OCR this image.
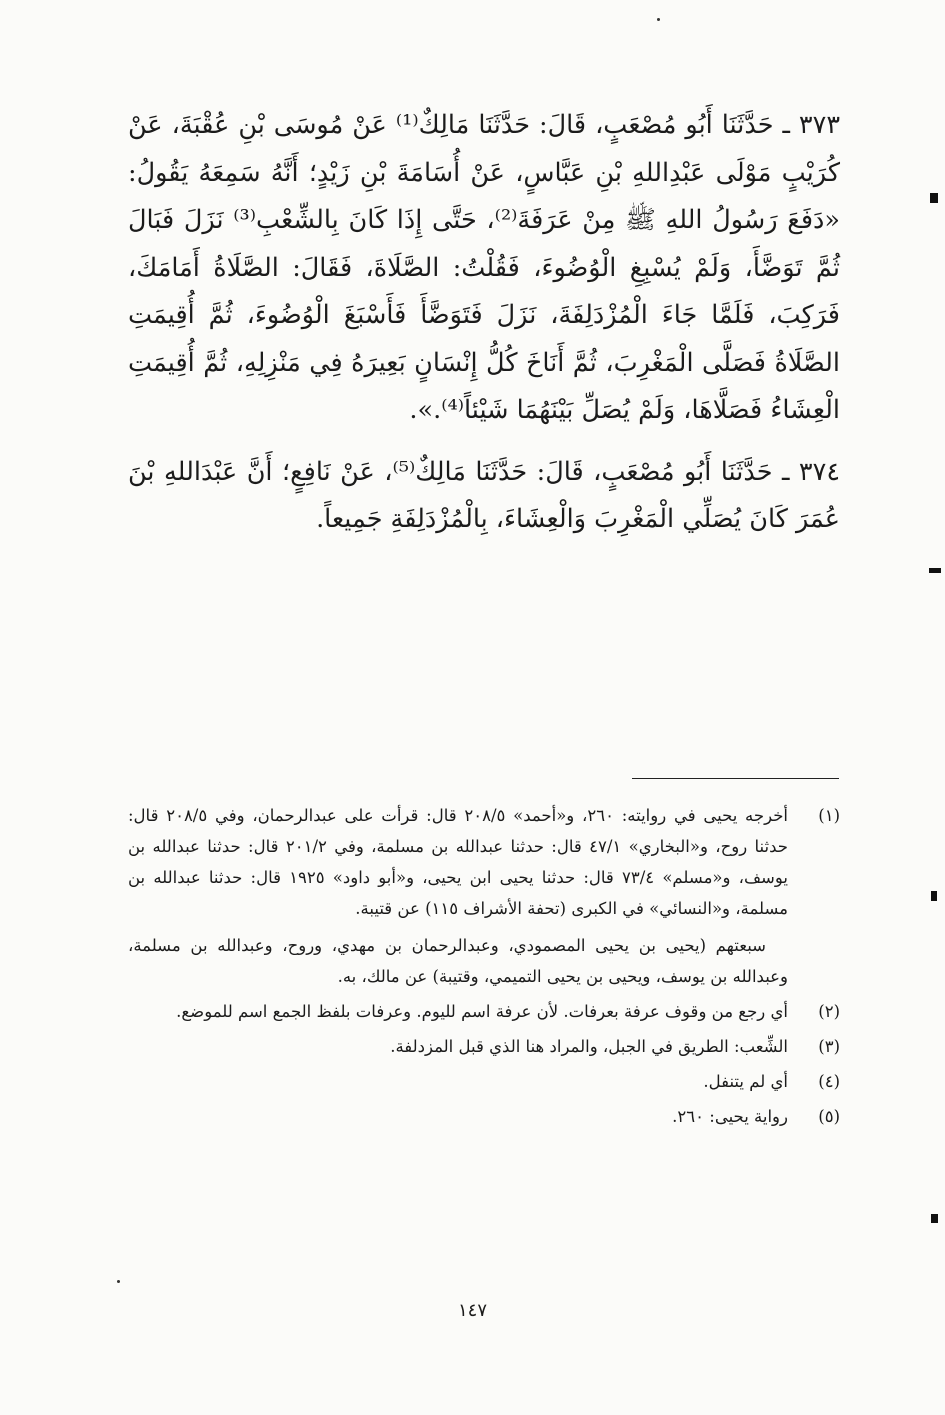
٣٧٣ ـ حَدَّثَنَا أَبُو مُصْعَبٍ، قَالَ: حَدَّثَنَا مَالِكٌ⁽¹⁾ عَنْ مُوسَى بْنِ عُقْبَةَ، عَنْ كُرَيْبٍ مَوْلَى عَبْدِاللهِ بْنِ عَبَّاسٍ، عَنْ أُسَامَةَ بْنِ زَيْدٍ؛ أَنَّهُ سَمِعَهُ يَقُولُ: «دَفَعَ رَسُولُ اللهِ ﷺ مِنْ عَرَفَةَ⁽²⁾، حَتَّى إِذَا كَانَ بِالشِّعْبِ⁽³⁾ نَزَلَ فَبَالَ ثُمَّ تَوَضَّأَ، وَلَمْ يُسْبِغِ الْوُضُوءَ، فَقُلْتُ: الصَّلَاةَ، فَقَالَ: الصَّلَاةُ أَمَامَكَ، فَرَكِبَ، فَلَمَّا جَاءَ الْمُزْدَلِفَةَ، نَزَلَ فَتَوَضَّأَ فَأَسْبَغَ الْوُضُوءَ، ثُمَّ أُقِيمَتِ الصَّلَاةُ فَصَلَّى الْمَغْرِبَ، ثُمَّ أَنَاخَ كُلُّ إِنْسَانٍ بَعِيرَهُ فِي مَنْزِلِهِ، ثُمَّ أُقِيمَتِ الْعِشَاءُ فَصَلَّاهَا، وَلَمْ يُصَلِّ بَيْنَهُمَا شَيْئاً⁽⁴⁾.».

٣٧٤ ـ حَدَّثَنَا أَبُو مُصْعَبٍ، قَالَ: حَدَّثَنَا مَالِكٌ⁽⁵⁾، عَنْ نَافِعٍ؛ أَنَّ عَبْدَاللهِ بْنَ عُمَرَ كَانَ يُصَلِّي الْمَغْرِبَ وَالْعِشَاءَ، بِالْمُزْدَلِفَةِ جَمِيعاً.

(١)

أخرجه يحيى في روايته: ٢٦٠، و«أحمد» ٢٠٨/٥ قال: قرأت على عبدالرحمان، وفي ٢٠٨/٥ قال: حدثنا روح، و«البخاري» ٤٧/١ قال: حدثنا عبدالله بن مسلمة، وفي ٢٠١/٢ قال: حدثنا عبدالله بن يوسف، و«مسلم» ٧٣/٤ قال: حدثنا يحيى ابن يحيى، و«أبو داود» ١٩٢٥ قال: حدثنا عبدالله بن مسلمة، و«النسائي» في الكبرى (تحفة الأشراف ١١٥) عن قتيبة.

سبعتهم (يحيى بن يحيى المصمودي، وعبدالرحمان بن مهدي، وروح، وعبدالله بن مسلمة، وعبدالله بن يوسف، ويحيى بن يحيى التميمي، وقتيبة) عن مالك، به.

(٢)

أي رجع من وقوف عرفة بعرفات. لأن عرفة اسم لليوم. وعرفات بلفظ الجمع اسم للموضع.

(٣)

الشِّعب: الطريق في الجبل، والمراد هنا الذي قبل المزدلفة.

(٤)

أي لم يتنفل.

(٥)

رواية يحيى: ٢٦٠.

١٤٧
